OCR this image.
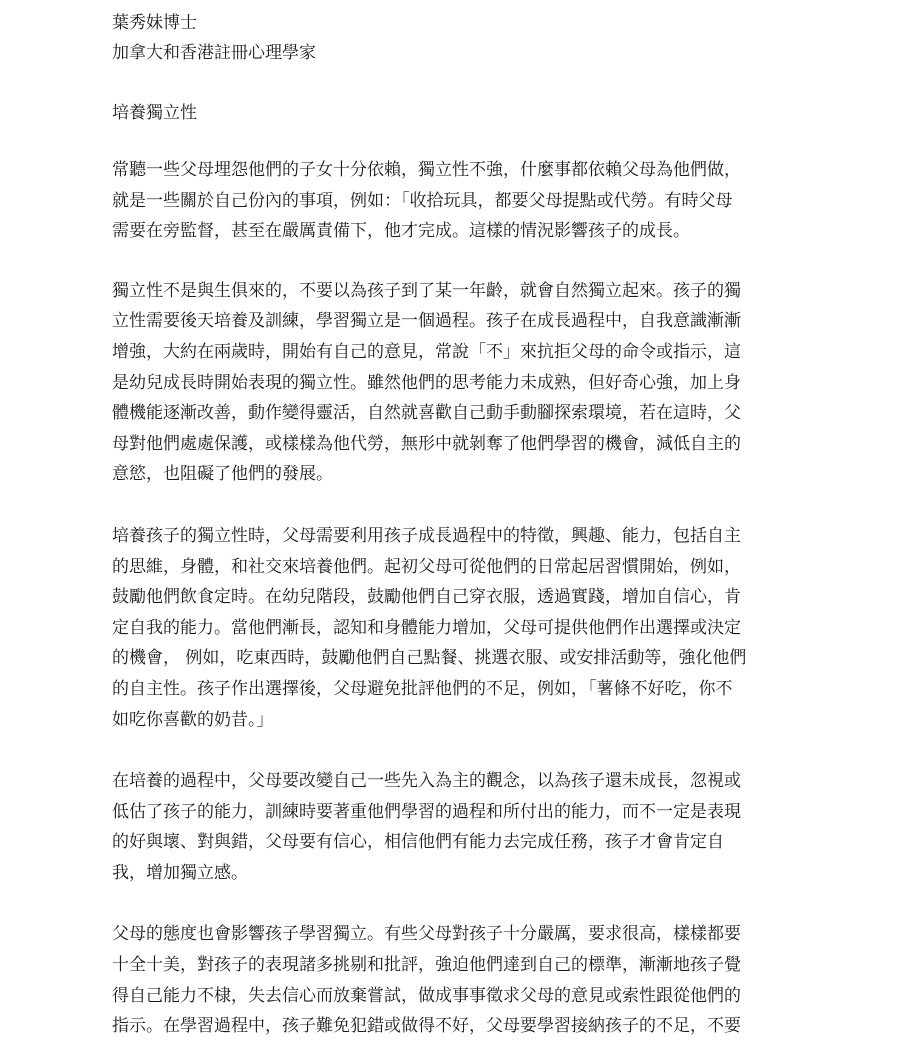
葉秀妹博士

加拿大和香港註冊心理學家

培養獨立性
常聽一些父母埋怨他們的子女十分依賴，獨立性不強，什麼事都依賴父母為他們做，
就是一些關於自己份內的事項，例如：「收拾玩具，都要父母提點或代勞。有時父母
需要在旁監督，甚至在嚴厲責備下，他才完成。這樣的情況影響孩子的成長。
獨立性不是與生俱來的，不要以為孩子到了某一年齡，就會自然獨立起來。孩子的獨
立性需要後天培養及訓練，學習獨立是一個過程。孩子在成長過程中，自我意識漸漸
增強，大約在兩歲時，開始有自己的意見，常說「不」來抗拒父母的命令或指示，這
是幼兒成長時開始表現的獨立性。雖然他們的思考能力未成熟，但好奇心強，加上身
體機能逐漸改善，動作變得靈活，自然就喜歡自己動手動腳探索環境，若在這時，父
母對他們處處保護，或樣樣為他代勞，無形中就剝奪了他們學習的機會，減低自主的
意慾，也阻礙了他們的發展。
培養孩子的獨立性時，父母需要利用孩子成長過程中的特徵，興趣、能力，包括自主
的思維，身體，和社交來培養他們。起初父母可從他們的日常起居習慣開始，例如，
鼓勵他們飲食定時。在幼兒階段，鼓勵他們自己穿衣服，透過實踐，增加自信心，肯
定自我的能力。當他們漸長，認知和身體能力增加，父母可提供他們作出選擇或決定
的機會， 例如，吃東西時，鼓勵他們自己點餐、挑選衣服、或安排活動等，強化他們
的自主性。孩子作出選擇後，父母避免批評他們的不足，例如，「薯條不好吃，你不
如吃你喜歡的奶昔。」
在培養的過程中，父母要改變自己一些先入為主的觀念，以為孩子還未成長，忽視或
低估了孩子的能力，訓練時要著重他們學習的過程和所付出的能力，而不一定是表現
的好與壞、對與錯，父母要有信心，相信他們有能力去完成任務，孩子才會肯定自
我，增加獨立感。
父母的態度也會影響孩子學習獨立。有些父母對孩子十分嚴厲，要求很高，樣樣都要
十全十美，對孩子的表現諸多挑剔和批評，強迫他們達到自己的標準，漸漸地孩子覺
得自己能力不棣，失去信心而放棄嘗試，做成事事徵求父母的意見或索性跟從他們的
指示。在學習過程中，孩子難免犯錯或做得不好，父母要學習接納孩子的不足，不要
